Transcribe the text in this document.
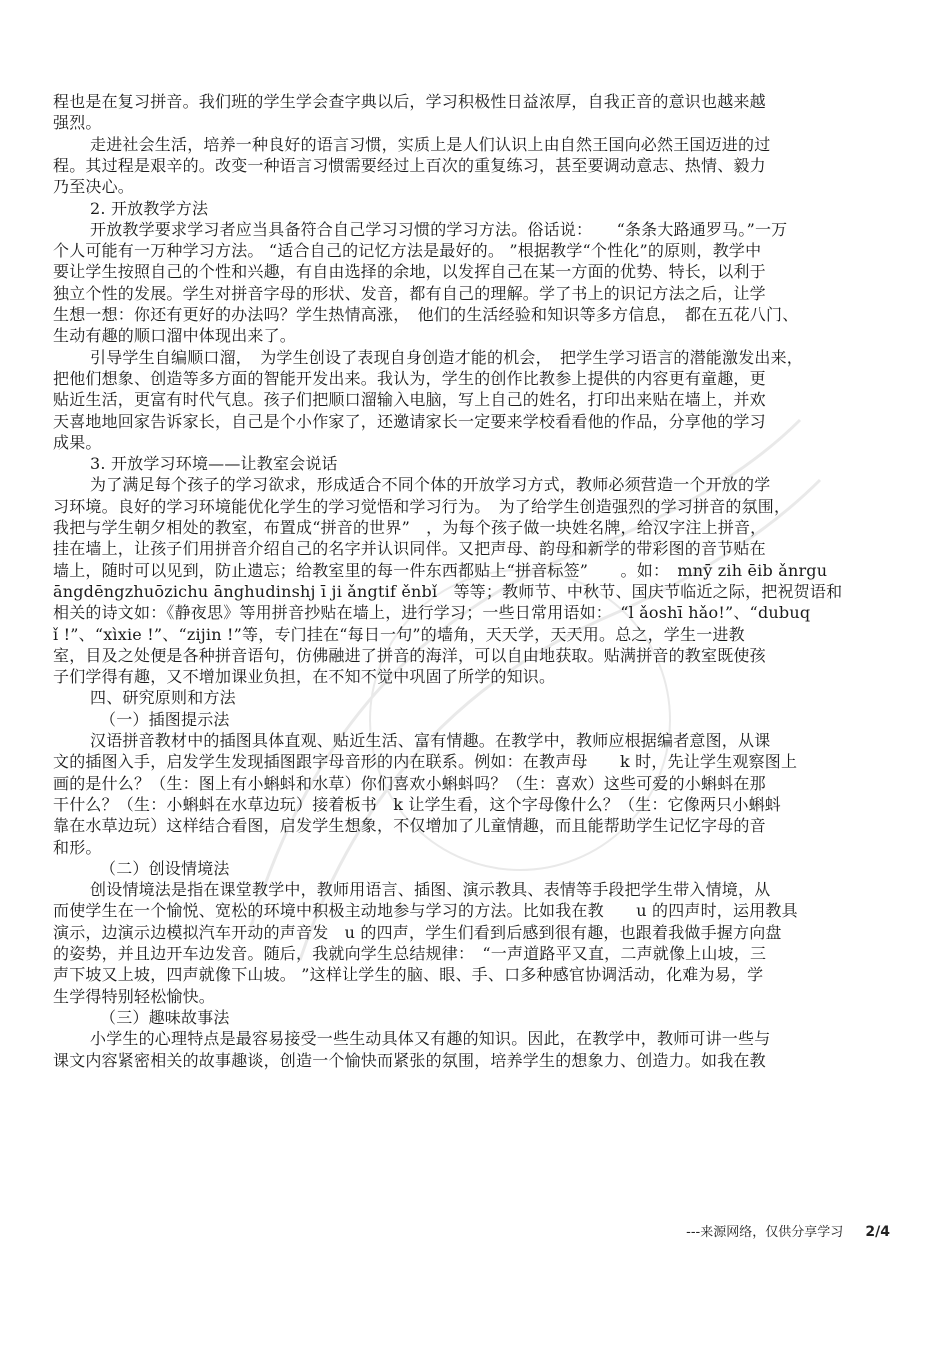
程也是在复习拼音。我们班的学生学会查字典以后，学习积极性日益浓厚，自我正音的意识也越来越
强烈。
走进社会生活，培养一种良好的语言习惯，实质上是人们认识上由自然王国向必然王国迈进的过
程。其过程是艰辛的。改变一种语言习惯需要经过上百次的重复练习，甚至要调动意志、热情、毅力
乃至决心。
2. 开放教学方法
开放教学要求学习者应当具备符合自己学习习惯的学习方法。俗话说：　　“条条大路通罗马。”一万
个人可能有一万种学习方法。 “适合自己的记忆方法是最好的。 ”根据教学“个性化”的原则，教学中
要让学生按照自己的个性和兴趣，有自由选择的余地，以发挥自己在某一方面的优势、特长，以利于
独立个性的发展。学生对拼音字母的形状、发音，都有自己的理解。学了书上的识记方法之后，让学
生想一想：你还有更好的办法吗？学生热情高涨，　他们的生活经验和知识等多方信息，　都在五花八门、
生动有趣的顺口溜中体现出来了。
引导学生自编顺口溜，　为学生创设了表现自身创造才能的机会，　把学生学习语言的潜能激发出来，
把他们想象、创造等多方面的智能开发出来。我认为，学生的创作比教参上提供的内容更有童趣，更
贴近生活，更富有时代气息。孩子们把顺口溜输入电脑，写上自己的姓名，打印出来贴在墙上，并欢
天喜地地回家告诉家长，自己是个小作家了，还邀请家长一定要来学校看看他的作品，分享他的学习
成果。
3. 开放学习环境——让教室会说话
为了满足每个孩子的学习欲求，形成适合不同个体的开放学习方式，教师必须营造一个开放的学
习环境。良好的学习环境能优化学生的学习觉悟和学习行为。　为了给学生创造强烈的学习拼音的氛围，
我把与学生朝夕相处的教室，布置成“拼音的世界”　，为每个孩子做一块姓名牌，给汉字注上拼音，
挂在墙上，让孩子们用拼音介绍自己的名字并认识同伴。又把声母、韵母和新学的带彩图的音节贴在
墙上，随时可以见到，防止遗忘；给教室里的每一件东西都贴上“拼音标签”　　。如：　mnȳ zih ēib ǎnrgu
āngdēngzhuōzichu ānghudinshj ī ji ǎngtif ěnbǐ　等等；教师节、中秋节、国庆节临近之际，把祝贺语和
相关的诗文如：《静夜思》等用拼音抄贴在墙上，进行学习；一些日常用语如：　“l ǎoshī hǎo!”、“dubuq
ǐ !”、“xìxie !”、“zijin !”等，专门挂在“每日一句”的墙角，天天学，天天用。总之，学生一进教
室，目及之处便是各种拼音语句，仿佛融进了拼音的海洋，可以自由地获取。贴满拼音的教室既使孩
子们学得有趣，又不增加课业负担，在不知不觉中巩固了所学的知识。
四、研究原则和方法
（一）插图提示法
汉语拼音教材中的插图具体直观、贴近生活、富有情趣。在教学中，教师应根据编者意图，从课
文的插图入手，启发学生发现插图跟字母音形的内在联系。例如：在教声母　　k 时，先让学生观察图上
画的是什么？（生：图上有小蝌蚪和水草）你们喜欢小蝌蚪吗？（生：喜欢）这些可爱的小蝌蚪在那
干什么？（生：小蝌蚪在水草边玩）接着板书　k 让学生看，这个字母像什么？（生：它像两只小蝌蚪
靠在水草边玩）这样结合看图，启发学生想象，不仅增加了儿童情趣，而且能帮助学生记忆字母的音
和形。
（二）创设情境法
创设情境法是指在课堂教学中，教师用语言、插图、演示教具、表情等手段把学生带入情境，从
而使学生在一个愉悦、宽松的环境中积极主动地参与学习的方法。比如我在教　　u 的四声时，运用教具
演示，边演示边模拟汽车开动的声音发　u 的四声，学生们看到后感到很有趣，也跟着我做手握方向盘
的姿势，并且边开车边发音。随后，我就向学生总结规律：　“一声道路平又直，二声就像上山坡，三
声下坡又上坡，四声就像下山坡。 ”这样让学生的脑、眼、手、口多种感官协调活动，化难为易，学
生学得特别轻松愉快。
（三）趣味故事法
小学生的心理特点是最容易接受一些生动具体又有趣的知识。因此，在教学中，教师可讲一些与
课文内容紧密相关的故事趣谈，创造一个愉快而紧张的氛围，培养学生的想象力、创造力。如我在教
---来源网络，仅供分享学习 2/4
